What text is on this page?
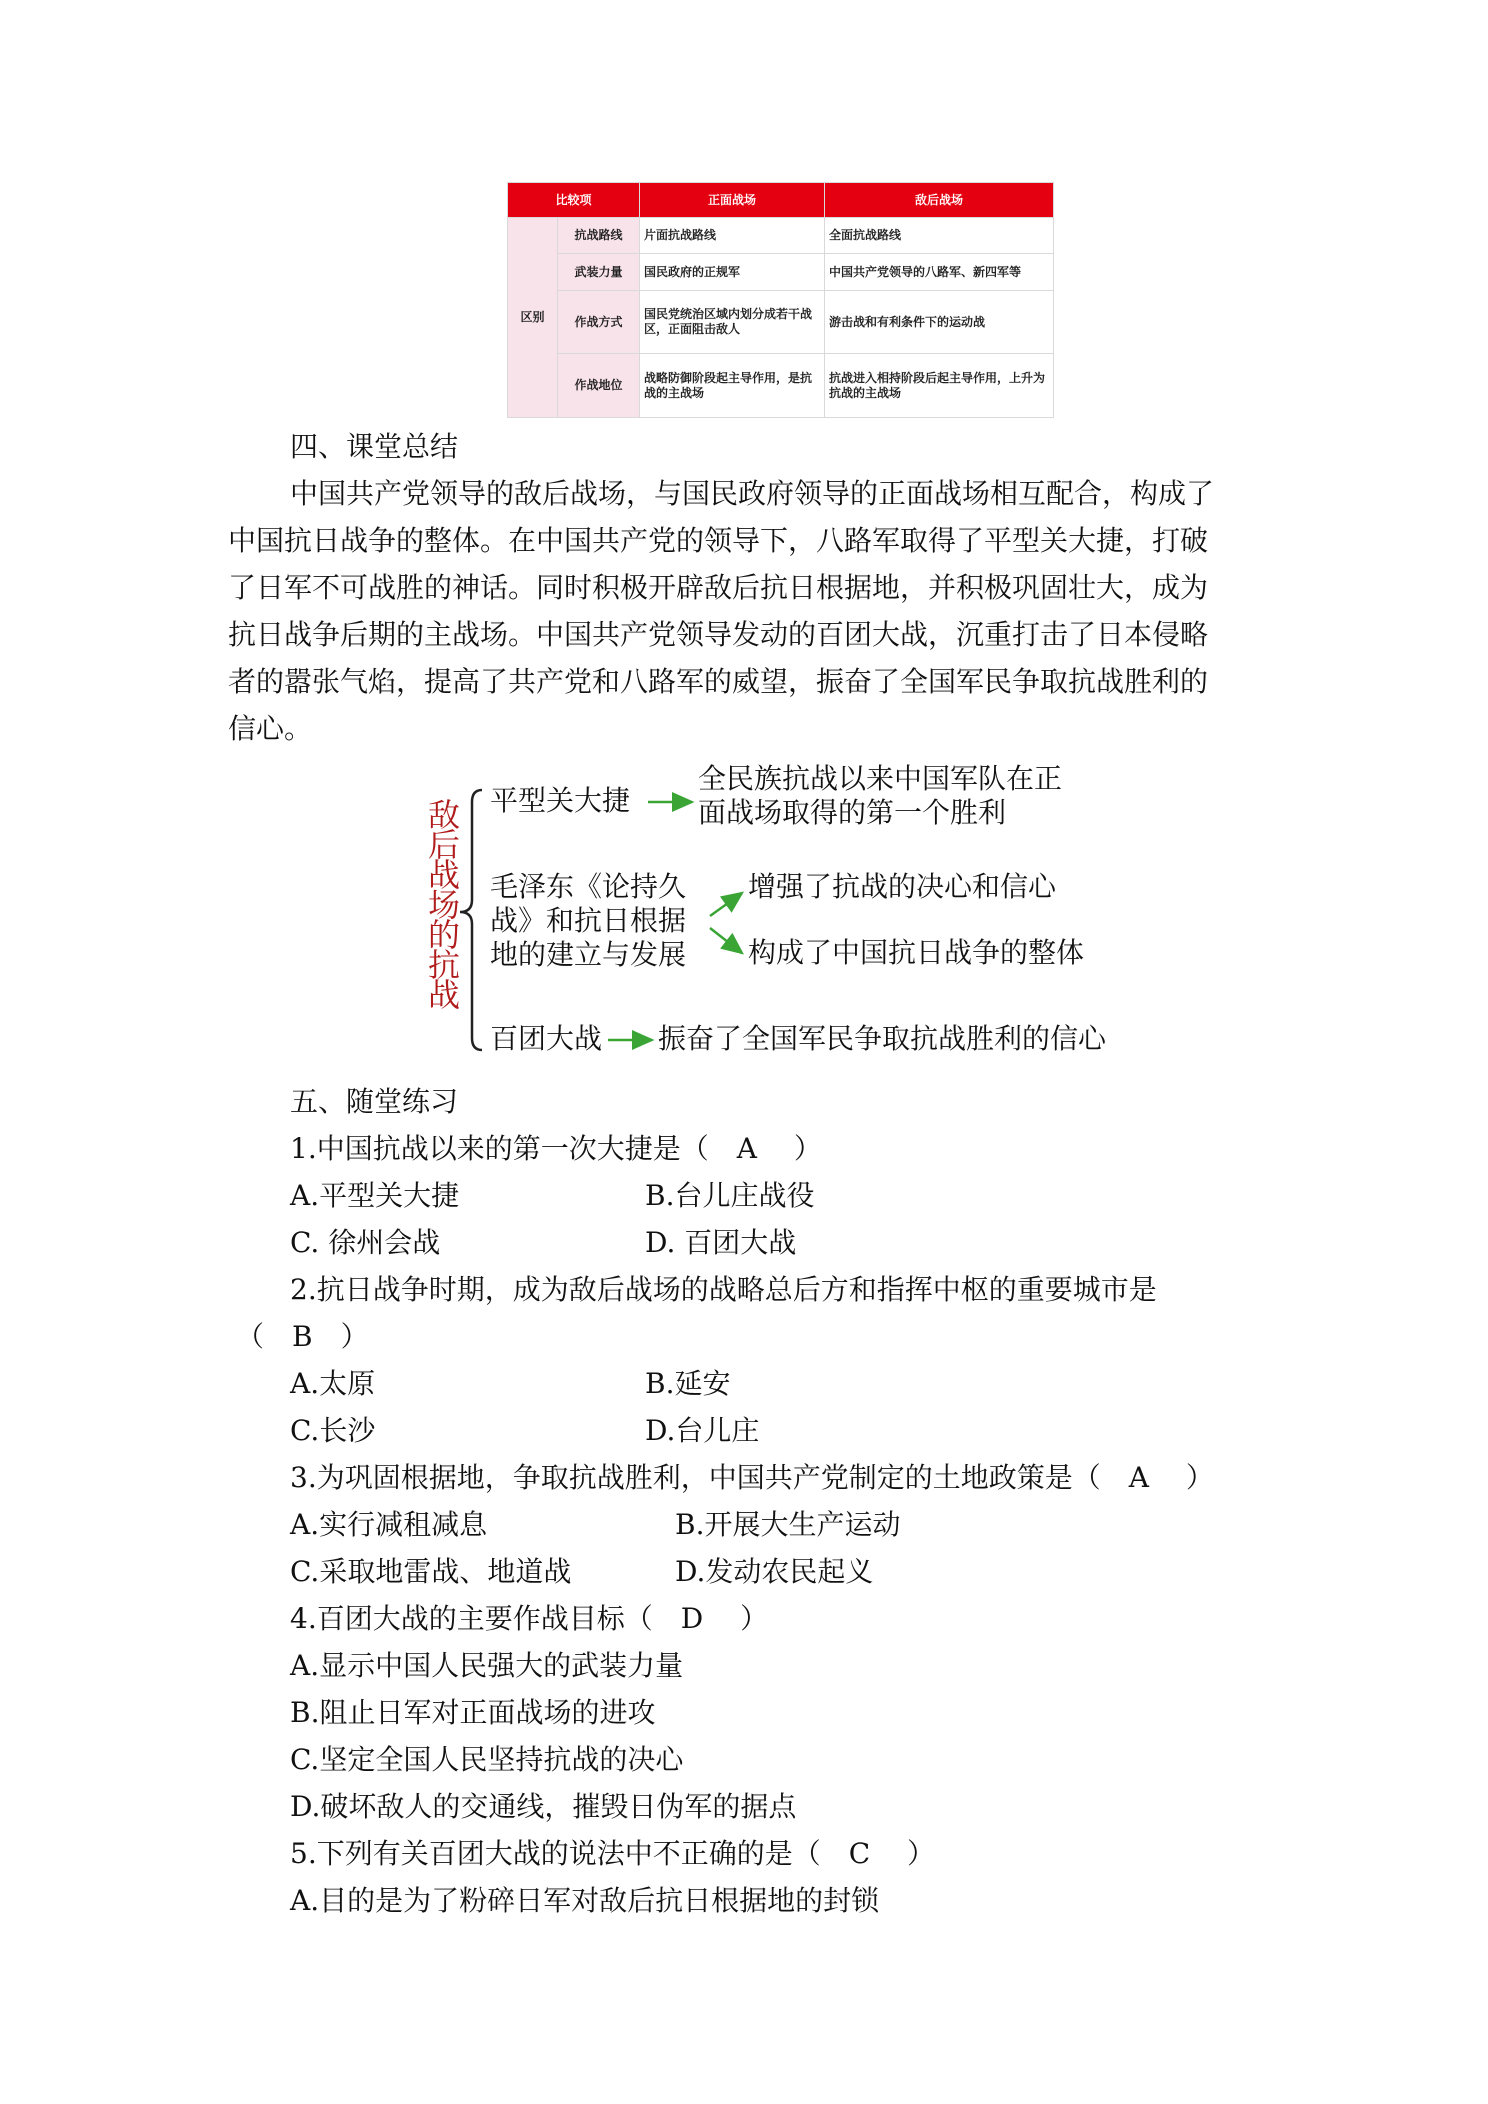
比较项		正面战场	敌后战场
区别	抗战路线	片面抗战路线	全面抗战路线
	武装力量	国民政府的正规军	中国共产党领导的八路军、新四军等
	作战方式	国民党统治区域内划分成若干战区，正面阻击敌人	游击战和有利条件下的运动战
	作战地位	战略防御阶段起主导作用，是抗战的主战场	抗战进入相持阶段后起主导作用，上升为抗战的主战场
四、课堂总结
中国共产党领导的敌后战场，与国民政府领导的正面战场相互配合，构成了
中国抗日战争的整体。在中国共产党的领导下，八路军取得了平型关大捷，打破
了日军不可战胜的神话。同时积极开辟敌后抗日根据地，并积极巩固壮大，成为
抗日战争后期的主战场。中国共产党领导发动的百团大战，沉重打击了日本侵略
者的嚣张气焰，提高了共产党和八路军的威望，振奋了全国军民争取抗战胜利的
信心。
敌后战场的抗战
平型关大捷
全民族抗战以来中国军队在正
面战场取得的第一个胜利
毛泽东《论持久
战》和抗日根据
地的建立与发展
增强了抗战的决心和信心
构成了中国抗日战争的整体
百团大战 振奋了全国军民争取抗战胜利的信心
五、随堂练习
1.中国抗战以来的第一次大捷是（　A　 ）
A.平型关大捷	B.台儿庄战役
C. 徐州会战	D. 百团大战
2.抗日战争时期，成为敌后战场的战略总后方和指挥中枢的重要城市是
（　B　）
A.太原	B.延安
C.长沙	D.台儿庄
3.为巩固根据地，争取抗战胜利，中国共产党制定的土地政策是（　A　 ）
A.实行减租减息	B.开展大生产运动
C.采取地雷战、地道战	D.发动农民起义
4.百团大战的主要作战目标（　D　 ）
A.显示中国人民强大的武装力量
B.阻止日军对正面战场的进攻
C.坚定全国人民坚持抗战的决心
D.破坏敌人的交通线，摧毁日伪军的据点
5.下列有关百团大战的说法中不正确的是（　C　 ）
A.目的是为了粉碎日军对敌后抗日根据地的封锁
